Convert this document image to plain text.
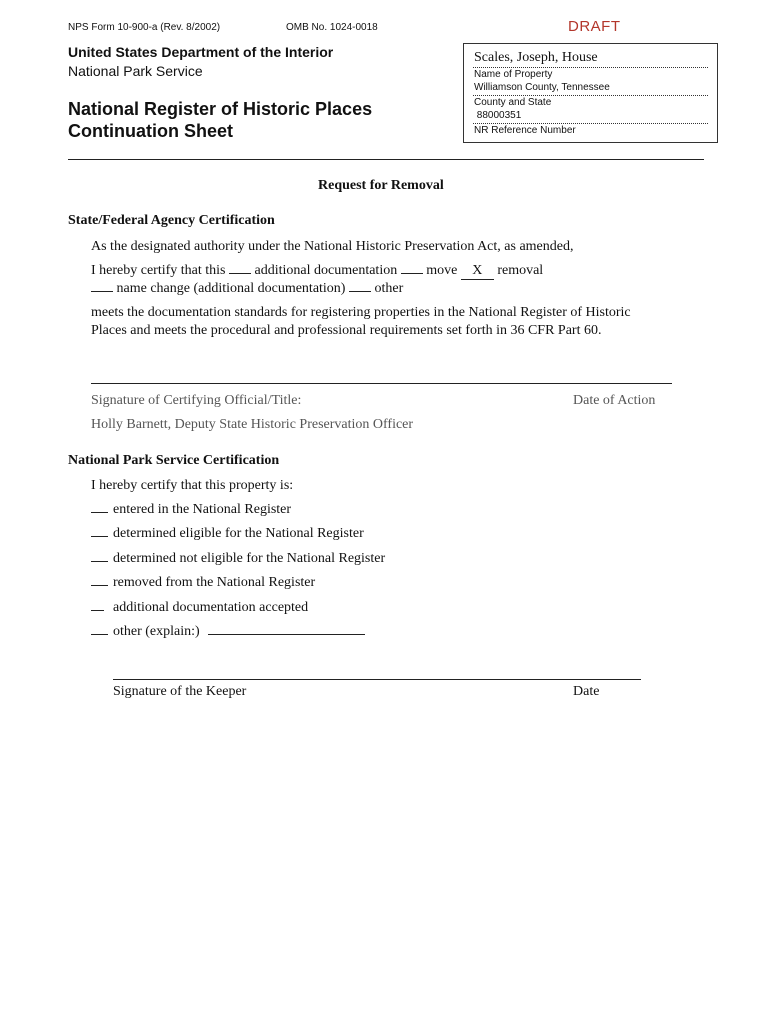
NPS Form 10-900-a (Rev. 8/2002)	OMB No. 1024-0018	DRAFT
United States Department of the Interior
National Park Service
National Register of Historic Places
Continuation Sheet
Scales, Joseph, House
Name of Property
Williamson County, Tennessee
County and State
88000351
NR Reference Number
Request for Removal
State/Federal Agency Certification
As the designated authority under the National Historic Preservation Act, as amended,
I hereby certify that this  additional documentation  move X removal
name change (additional documentation)  other
meets the documentation standards for registering properties in the National Register of Historic
Places and meets the procedural and professional requirements set forth in 36 CFR Part 60.
Signature of Certifying Official/Title:	Date of Action
Holly Barnett, Deputy State Historic Preservation Officer
National Park Service Certification
I hereby certify that this property is:
entered in the National Register
determined eligible for the National Register
determined not eligible for the National Register
removed from the National Register
additional documentation accepted
other (explain:)
Signature of the Keeper	Date
